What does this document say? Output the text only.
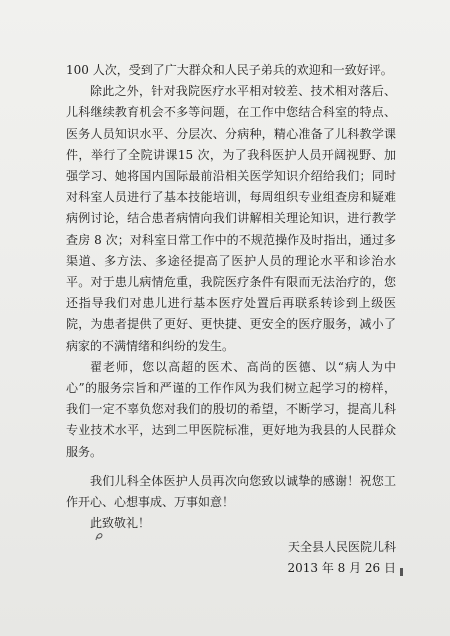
100 人次，受到了广大群众和人民子弟兵的欢迎和一致好评。

除此之外，针对我院医疗水平相对较差、技术相对落后、儿科继续教育机会不多等问题，在工作中您结合科室的特点、医务人员知识水平、分层次、分病种，精心准备了儿科教学课件，举行了全院讲课15 次，为了我科医护人员开阔视野、加强学习、她将国内国际最前沿相关医学知识介绍给我们；同时对科室人员进行了基本技能培训，每周组织专业组查房和疑难病例讨论，结合患者病情向我们讲解相关理论知识，进行教学查房 8 次；对科室日常工作中的不规范操作及时指出，通过多渠道、多方法、多途径提高了医护人员的理论水平和诊治水平。对于患儿病情危重，我院医疗条件有限而无法治疗的，您还指导我们对患儿进行基本医疗处置后再联系转诊到上级医院，为患者提供了更好、更快捷、更安全的医疗服务，减小了病家的不满情绪和纠纷的发生。

翟老师，您以高超的医术、高尚的医德、以“病人为中心”的服务宗旨和严谨的工作作风为我们树立起学习的榜样，我们一定不辜负您对我们的殷切的希望，不断学习，提高儿科专业技术水平，达到二甲医院标准，更好地为我县的人民群众服务。

我们儿科全体医护人员再次向您致以诚挚的感谢！祝您工作开心、心想事成、万事如意！

此致敬礼！

天全县人民医院儿科
2013 年 8 月 26 日
